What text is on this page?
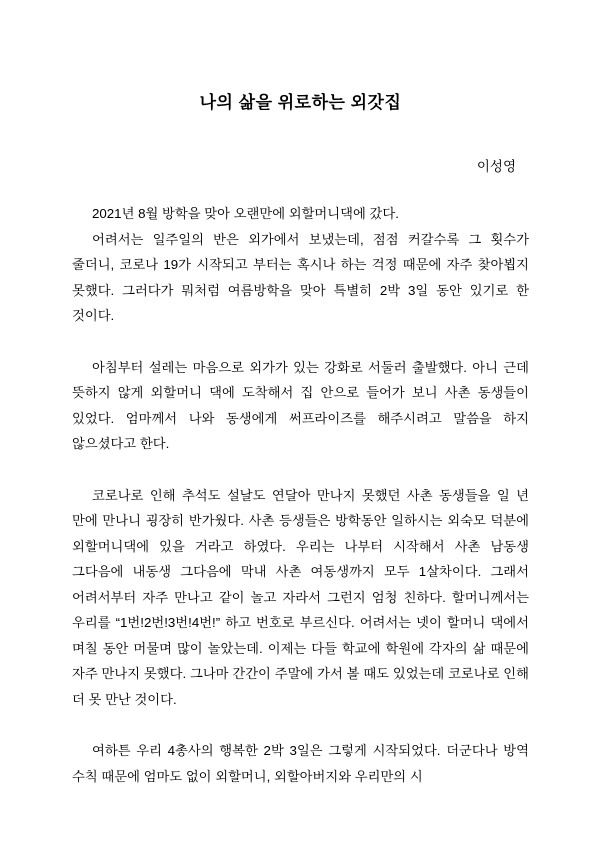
나의 삶을 위로하는 외갓집
이성영

2021년 8월 방학을 맞아 오랜만에 외할머니댁에 갔다.

어려서는 일주일의 반은 외가에서 보냈는데, 점점 커갈수록 그 횟수가 줄더니, 코로나 19가 시작되고 부터는 혹시나 하는 걱정 때문에 자주 찾아뵙지 못했다. 그러다가 뭐처럼 여름방학을 맞아 특별히 2박 3일 동안 있기로 한 것이다.

아침부터 설레는 마음으로 외가가 있는 강화로 서둘러 출발했다. 아니 근데 뜻하지 않게 외할머니 댁에 도착해서 집 안으로 들어가 보니 사촌 동생들이 있었다. 엄마께서 나와 동생에게 써프라이즈를 해주시려고 말씀을 하지 않으셨다고 한다.

코로나로 인해 추석도 설날도 연달아 만나지 못했던 사촌 동생들을 일 년 만에 만나니 굉장히 반가웠다. 사촌 등생들은 방학동안 일하시는 외숙모 덕분에 외할머니댁에 있을 거라고 하였다. 우리는 나부터 시작해서 사촌 남동생 그다음에 내동생 그다음에 막내 사촌 여동생까지 모두 1살차이다. 그래서 어려서부터 자주 만나고 같이 놀고 자라서 그런지 엄청 친하다. 할머니께서는 우리를 “1번!2번!3번!4번!” 하고 번호로 부르신다. 어려서는 넷이 할머니 댁에서 며칠 동안 머물며 많이 놀았는데. 이제는 다들 학교에 학원에 각자의 삶 때문에 자주 만나지 못했다. 그나마 간간이 주말에 가서 볼 때도 있었는데 코로나로 인해 더 못 만난 것이다.

여하튼 우리 4총사의 행복한 2박 3일은 그렇게 시작되었다. 더군다나 방역 수칙 때문에 엄마도 없이 외할머니, 외할아버지와 우리만의 시
